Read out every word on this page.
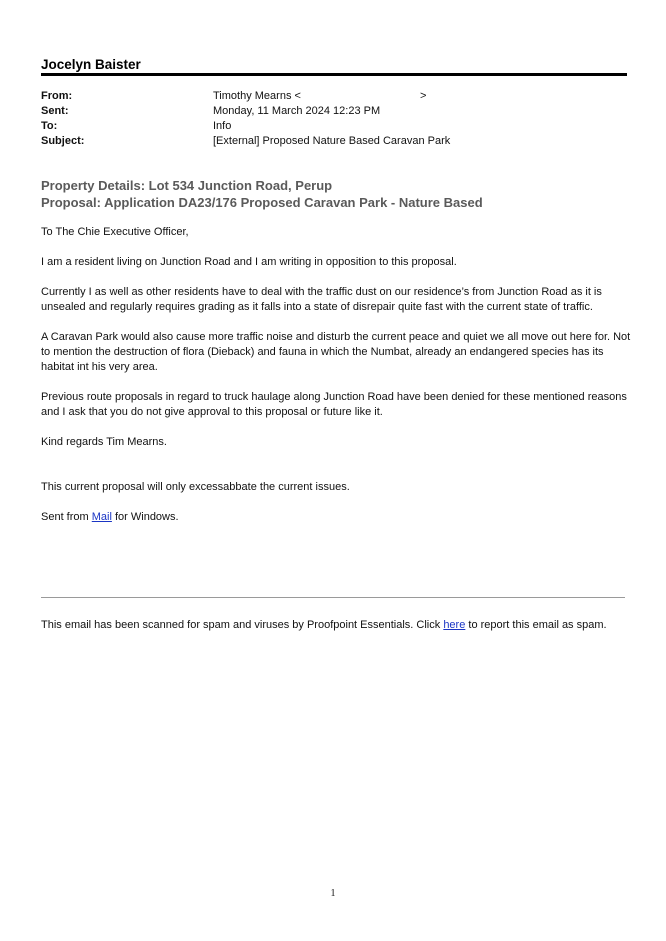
Jocelyn Baister
From:	Timothy Mearns <	>
Sent:	Monday, 11 March 2024 12:23 PM
To:	Info
Subject:	[External] Proposed Nature Based Caravan Park
Property Details: Lot 534 Junction Road, Perup
Proposal: Application DA23/176 Proposed Caravan Park - Nature Based
To The Chie Executive Officer,
I am a resident living on Junction Road and I am writing in opposition to this proposal.
Currently I as well as other residents have to deal with the traffic dust on our residence’s from Junction Road as it is unsealed and regularly requires grading as it falls into a state of disrepair quite fast with the current state of traffic.
A Caravan Park would also cause more traffic noise and disturb the current peace and quiet we all move out here for. Not to mention the destruction of flora (Dieback) and fauna in which the Numbat, already an endangered species has its habitat int his very area.
Previous route proposals in regard to truck haulage along Junction Road have been denied for these mentioned reasons and I ask that you do not give approval to this proposal or future like it.
Kind regards Tim Mearns.
This current proposal will only excessabbate the current issues.
Sent from Mail for Windows.
This email has been scanned for spam and viruses by Proofpoint Essentials. Click here to report this email as spam.
1
